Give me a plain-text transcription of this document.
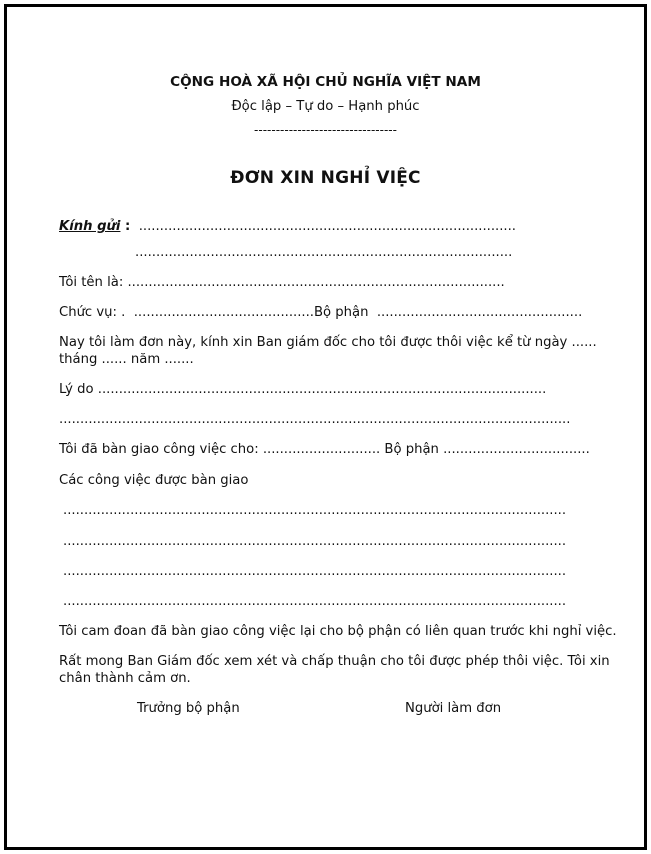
CỘNG HOÀ XÃ HỘI CHỦ NGHĨA VIỆT NAM
Độc lập – Tự do – Hạnh phúc
---------------------------------
ĐƠN XIN NGHỈ VIỆC
Kính gửi :  ..........................................................................................
..........................................................................................
Tôi tên là: ..........................................................................................
Chức vụ: .  ...........................................Bộ phận  .................................................
Nay tôi làm đơn này, kính xin Ban giám đốc cho tôi được thôi việc kể từ ngày ......
tháng ...... năm .......
Lý do ...........................................................................................................
..........................................................................................................................
Tôi đã bàn giao công việc cho: ............................ Bộ phận ...................................
Các công việc được bàn giao
........................................................................................................................
........................................................................................................................
........................................................................................................................
........................................................................................................................
Tôi cam đoan đã bàn giao công việc lại cho bộ phận có liên quan trước khi nghỉ việc.
Rất mong Ban Giám đốc xem xét và chấp thuận cho tôi được phép thôi việc. Tôi xin
chân thành cảm ơn.
Trưởng bộ phận	Người làm đơn
